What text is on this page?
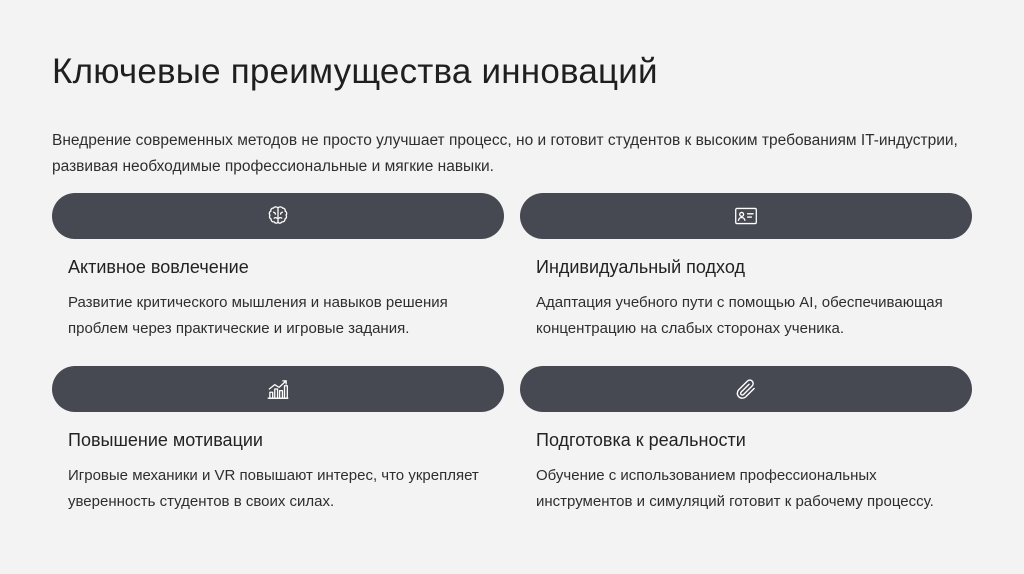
Ключевые преимущества инноваций

Внедрение современных методов не просто улучшает процесс, но и готовит студентов к высоким требованиям IT-индустрии, развивая необходимые профессиональные и мягкие навыки.

Активное вовлечение
Развитие критического мышления и навыков решения проблем через практические и игровые задания.
Индивидуальный подход
Адаптация учебного пути с помощью AI, обеспечивающая концентрацию на слабых сторонах ученика.
Повышение мотивации
Игровые механики и VR повышают интерес, что укрепляет уверенность студентов в своих силах.
Подготовка к реальности
Обучение с использованием профессиональных инструментов и симуляций готовит к рабочему процессу.
